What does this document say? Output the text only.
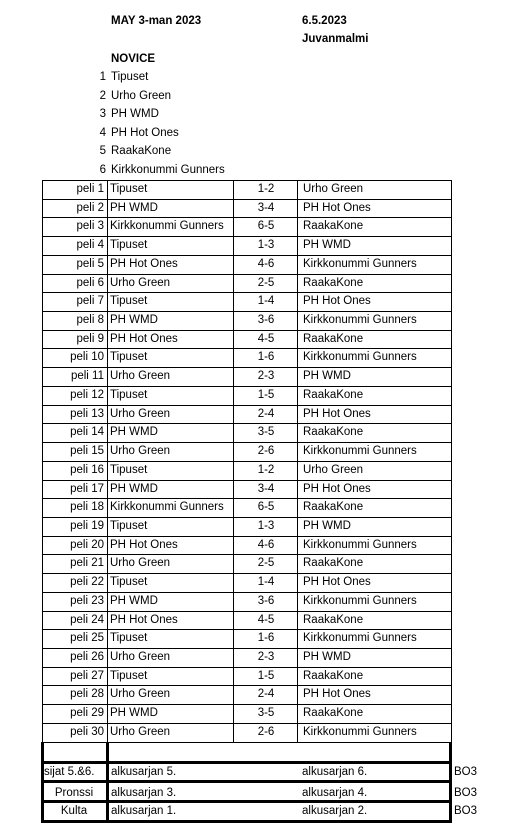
MAY 3-man 2023	6.5.2023
Juvanmalmi
NOVICE
1 Tipuset
2 Urho Green
3 PH WMD
4 PH Hot Ones
5 RaakaKone
6 Kirkkonummi Gunners
peli 1 Tipuset	1-2	Urho Green
peli 2 PH WMD	3-4	PH Hot Ones
peli 3 Kirkkonummi Gunners	6-5	RaakaKone
peli 4 Tipuset	1-3	PH WMD
peli 5 PH Hot Ones	4-6	Kirkkonummi Gunners
peli 6 Urho Green	2-5	RaakaKone
peli 7 Tipuset	1-4	PH Hot Ones
peli 8 PH WMD	3-6	Kirkkonummi Gunners
peli 9 PH Hot Ones	4-5	RaakaKone
peli 10 Tipuset	1-6	Kirkkonummi Gunners
peli 11 Urho Green	2-3	PH WMD
peli 12 Tipuset	1-5	RaakaKone
peli 13 Urho Green	2-4	PH Hot Ones
peli 14 PH WMD	3-5	RaakaKone
peli 15 Urho Green	2-6	Kirkkonummi Gunners
peli 16 Tipuset	1-2	Urho Green
peli 17 PH WMD	3-4	PH Hot Ones
peli 18 Kirkkonummi Gunners	6-5	RaakaKone
peli 19 Tipuset	1-3	PH WMD
peli 20 PH Hot Ones	4-6	Kirkkonummi Gunners
peli 21 Urho Green	2-5	RaakaKone
peli 22 Tipuset	1-4	PH Hot Ones
peli 23 PH WMD	3-6	Kirkkonummi Gunners
peli 24 PH Hot Ones	4-5	RaakaKone
peli 25 Tipuset	1-6	Kirkkonummi Gunners
peli 26 Urho Green	2-3	PH WMD
peli 27 Tipuset	1-5	RaakaKone
peli 28 Urho Green	2-4	PH Hot Ones
peli 29 PH WMD	3-5	RaakaKone
peli 30 Urho Green	2-6	Kirkkonummi Gunners
sijat 5.&6.	alkusarjan 5.	alkusarjan 6.	BO3
Pronssi	alkusarjan 3.	alkusarjan 4.	BO3
Kulta	alkusarjan 1.	alkusarjan 2.	BO3
